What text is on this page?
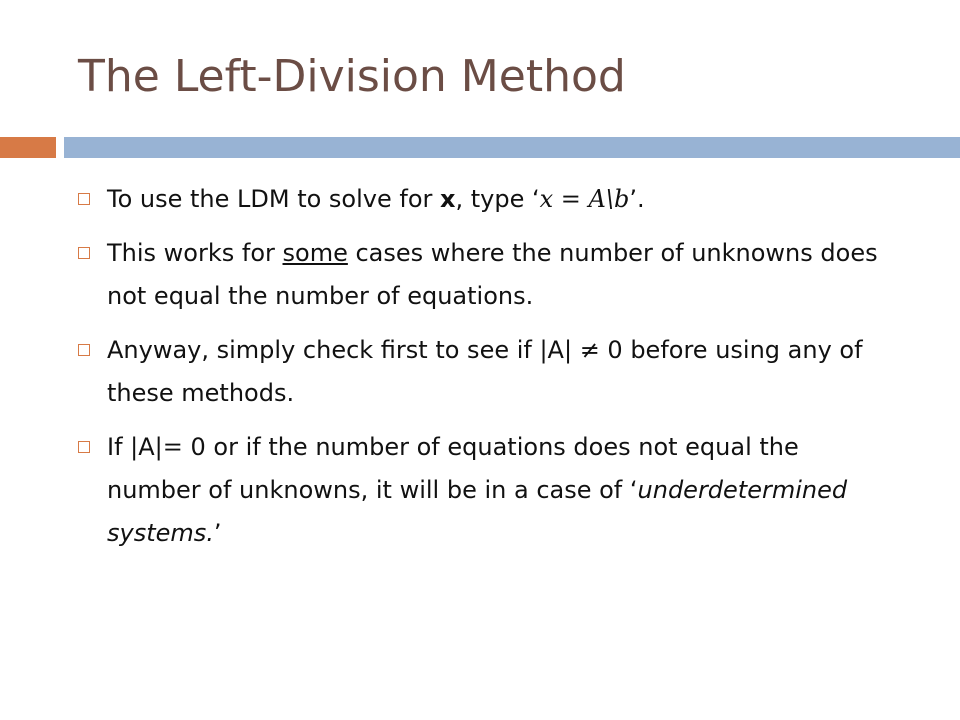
The Left-Division Method
To use the LDM to solve for x, type ‘x = A\b’.
This works for some cases where the number of unknowns does not equal the number of equations.
Anyway, simply check first to see if |A| ≠ 0 before using any of these methods.
If |A|= 0 or if the number of equations does not equal the number of unknowns, it will be in a case of ‘underdetermined systems.’
